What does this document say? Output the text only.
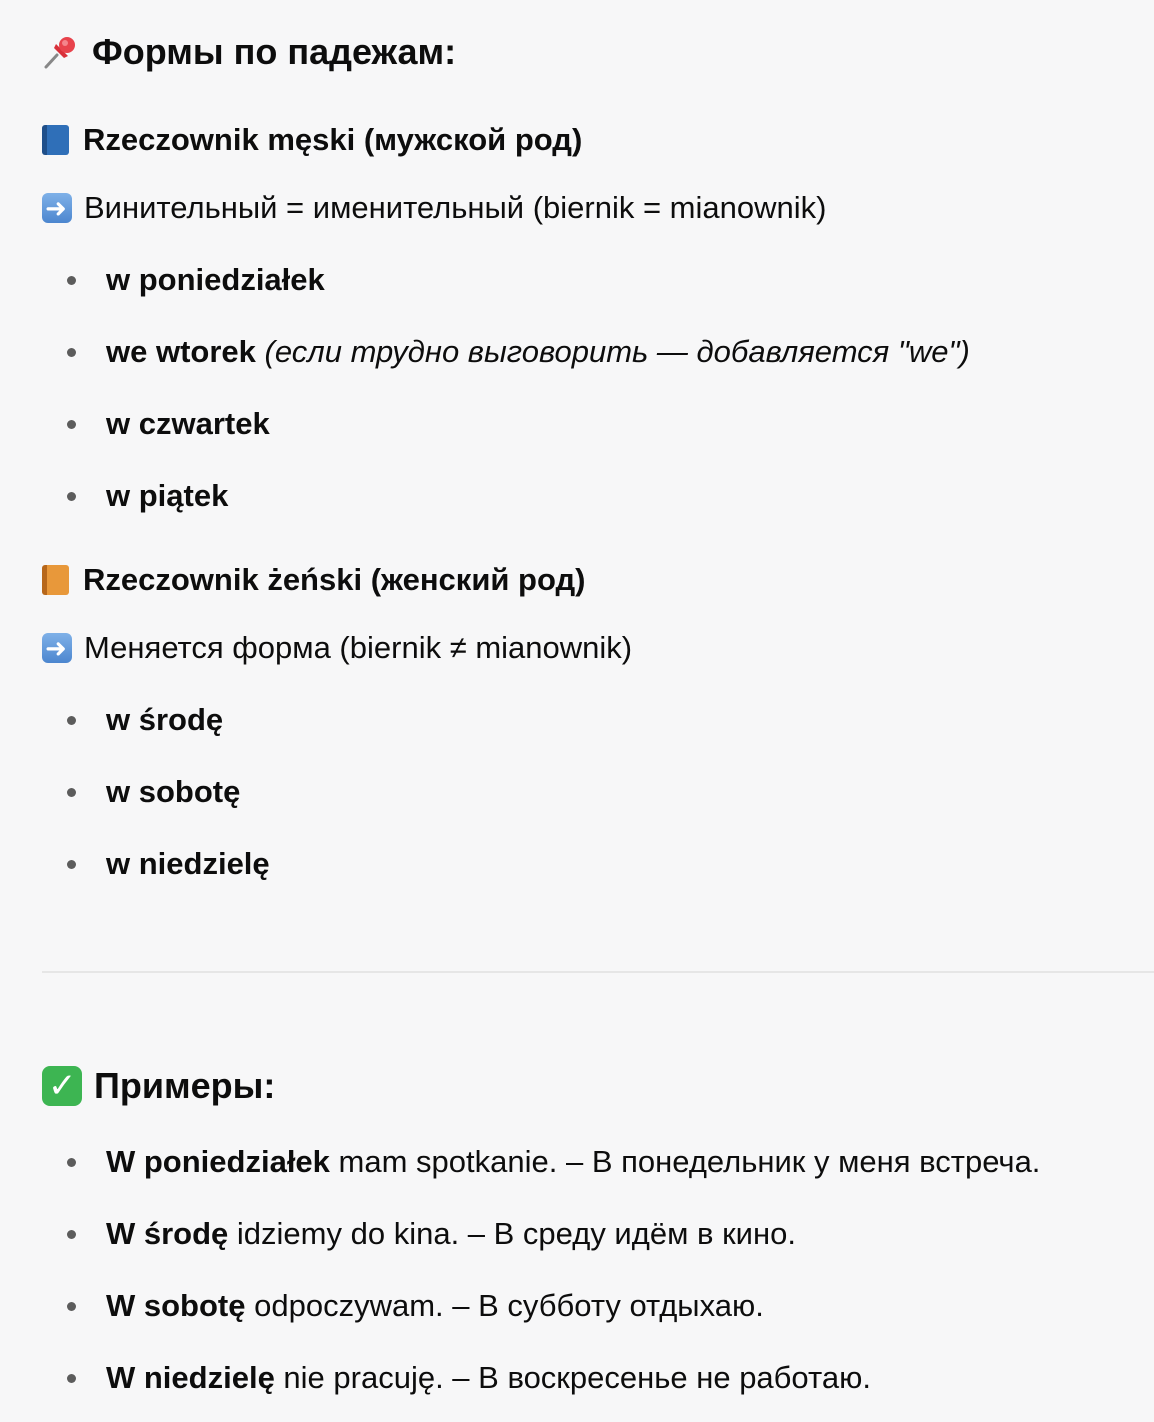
Формы по падежам:
Rzeczownik męski (мужской род)
➜
Винительный = именительный (biernik = mianownik)
w poniedziałek
we wtorek (если трудно выговорить — добавляется "we")
w czwartek
w piątek
Rzeczownik żeński (женский род)
➜
Меняется форма (biernik ≠ mianownik)
w środę
w sobotę
w niedzielę
✓
Примеры:
W poniedziałek mam spotkanie. – В понедельник у меня встреча.
W środę idziemy do kina. – В среду идём в кино.
W sobotę odpoczywam. – В субботу отдыхаю.
W niedzielę nie pracuję. – В воскресенье не работаю.
